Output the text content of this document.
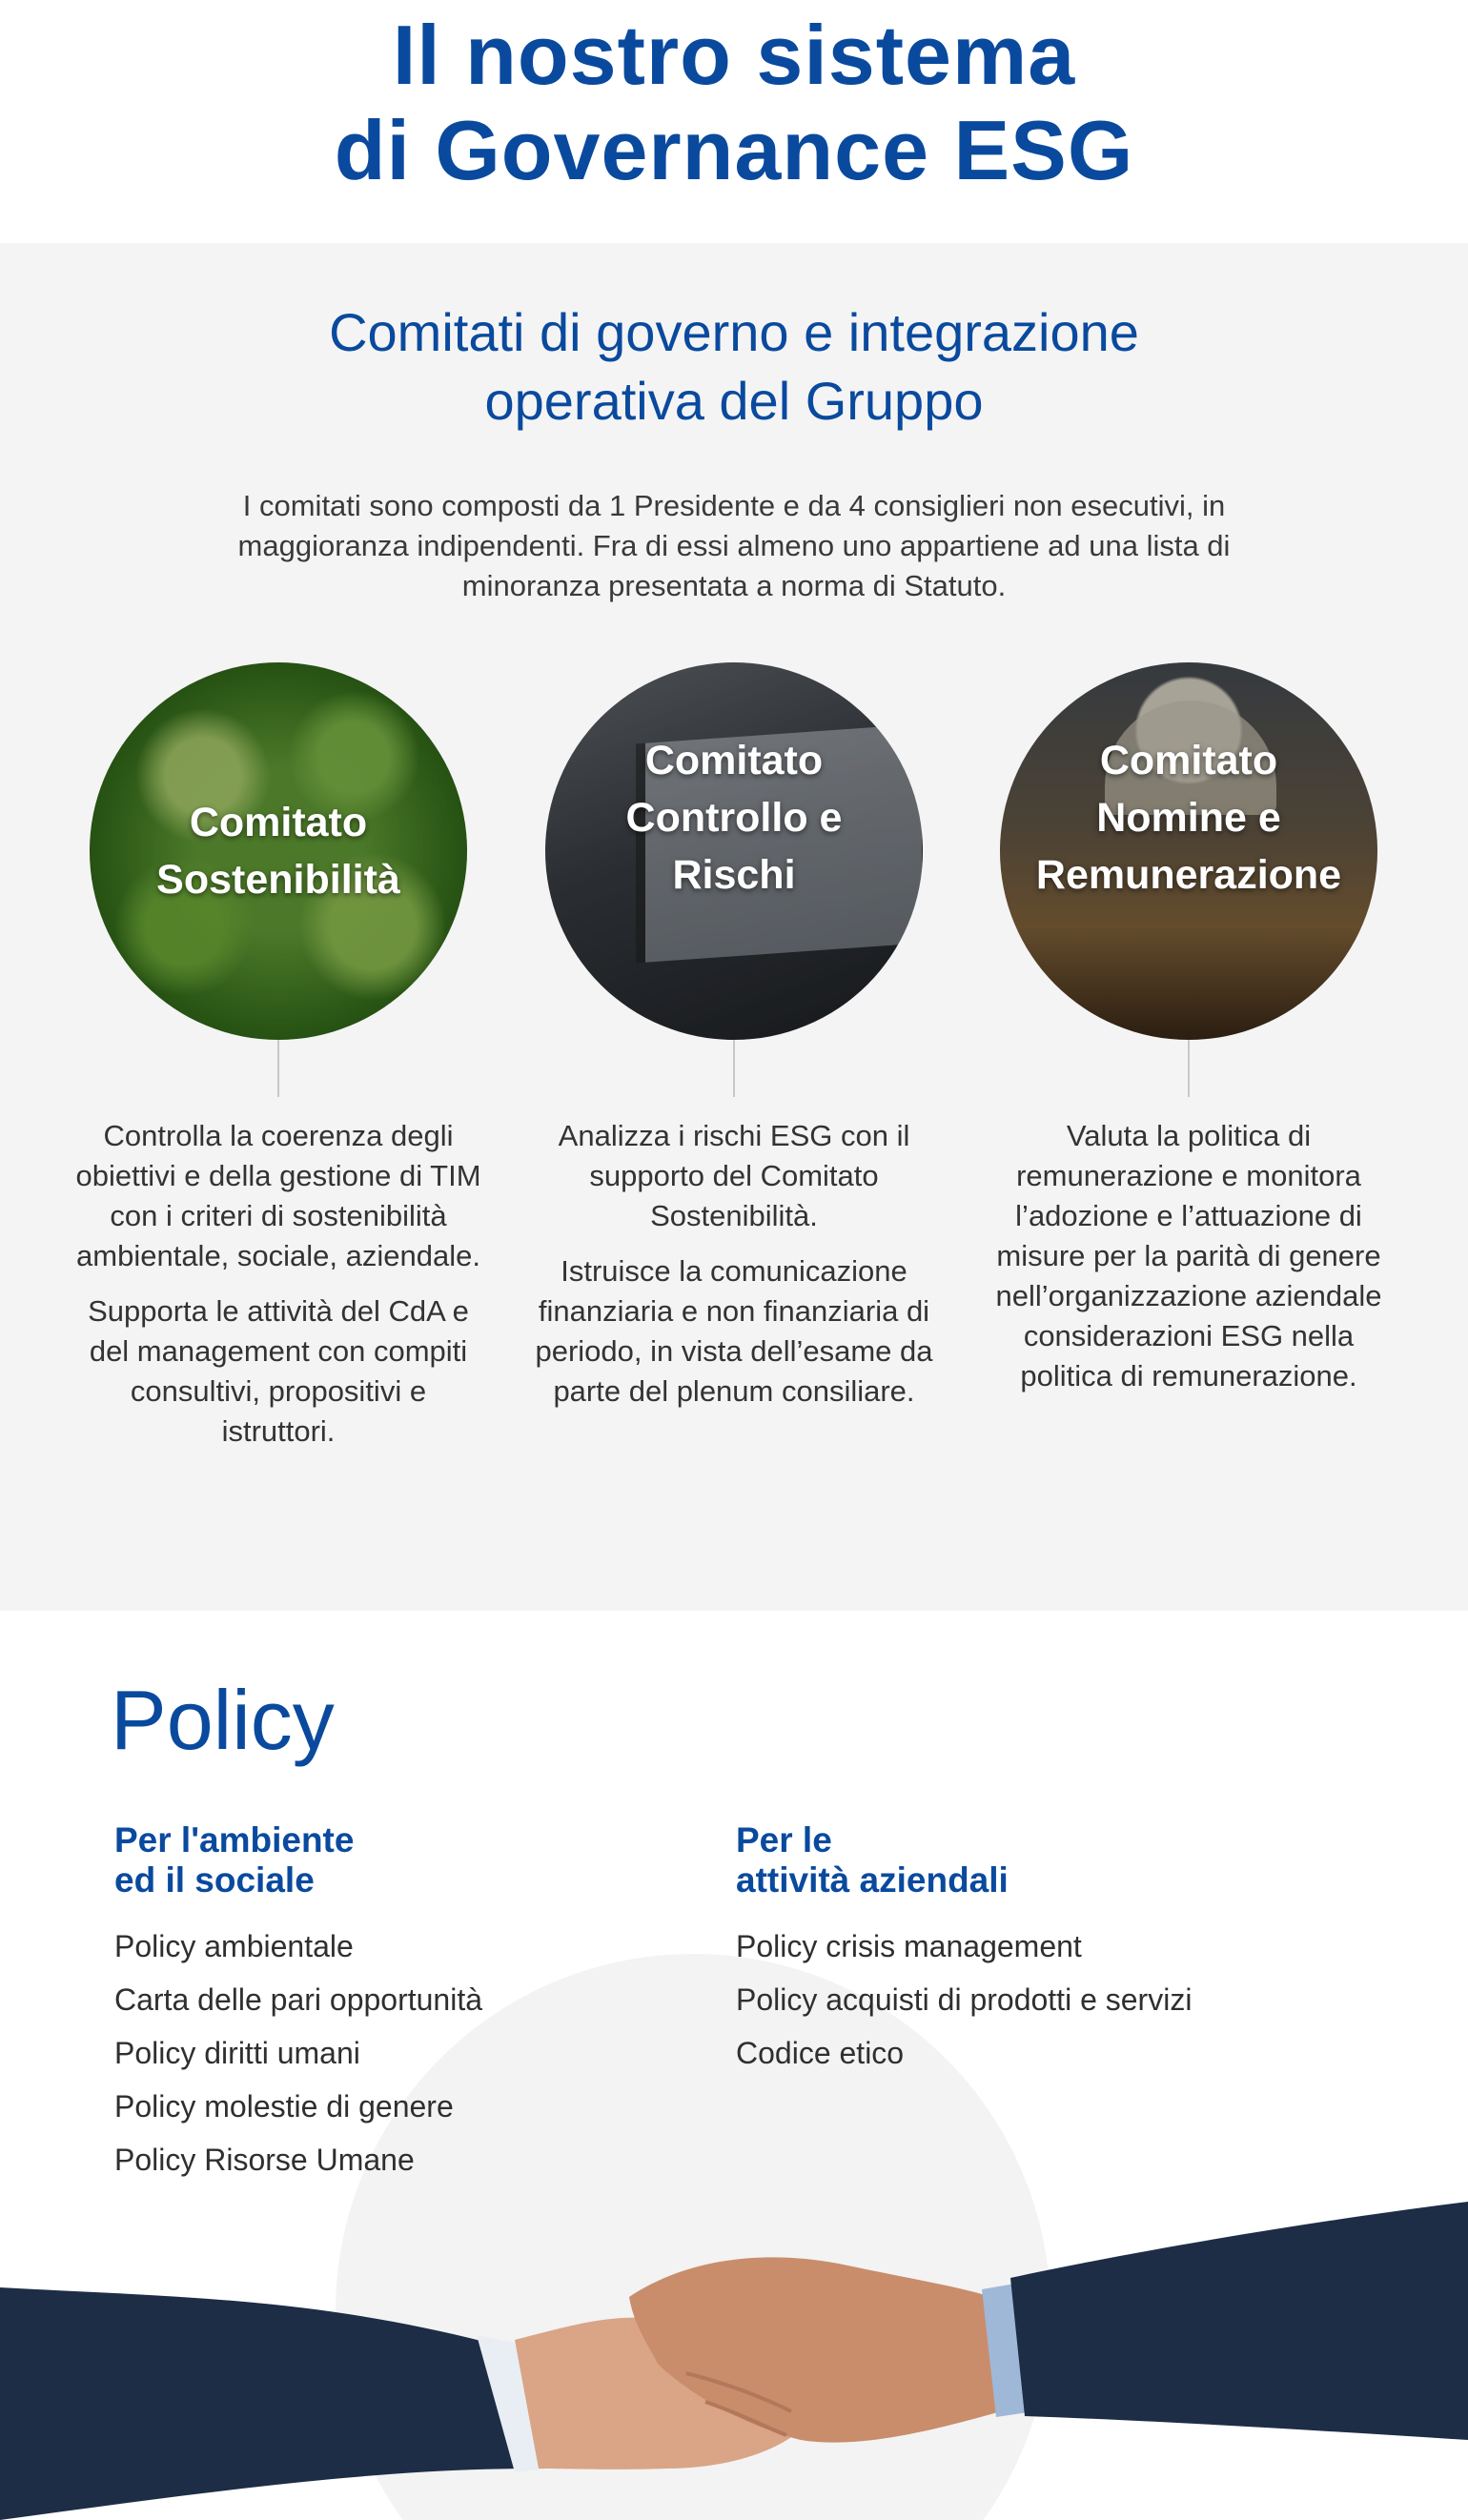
Il nostro sistema
di Governance ESG
Comitati di governo e integrazione
operativa del Gruppo

I comitati sono composti da 1 Presidente e da 4 consiglieri non esecutivi, in maggioranza indipendenti. Fra di essi almeno uno appartiene ad una lista di minoranza presentata a norma di Statuto.

Comitato
Sostenibilità

Controlla la coerenza degli obiettivi e della gestione di TIM con i criteri di sostenibilità ambientale, sociale, aziendale.

Supporta le attività del CdA e del management con compiti consultivi, propositivi e istruttori.

Comitato
Controllo e
Rischi

Analizza i rischi ESG con il supporto del Comitato Sostenibilità.

Istruisce la comunicazione finanziaria e non finanziaria di periodo, in vista dell’esame da parte del plenum consiliare.

Comitato
Nomine e
Remunerazione

Valuta la politica di remunerazione e monitora l’adozione e l’attuazione di misure per la parità di genere nell’organizzazione aziendale considerazioni ESG nella politica di remunerazione.

Policy
Per l'ambiente
ed il sociale
Policy ambientale
Carta delle pari opportunità
Policy diritti umani
Policy molestie di genere
Policy Risorse Umane
Per le
attività aziendali
Policy crisis management
Policy acquisti di prodotti e servizi
Codice etico
